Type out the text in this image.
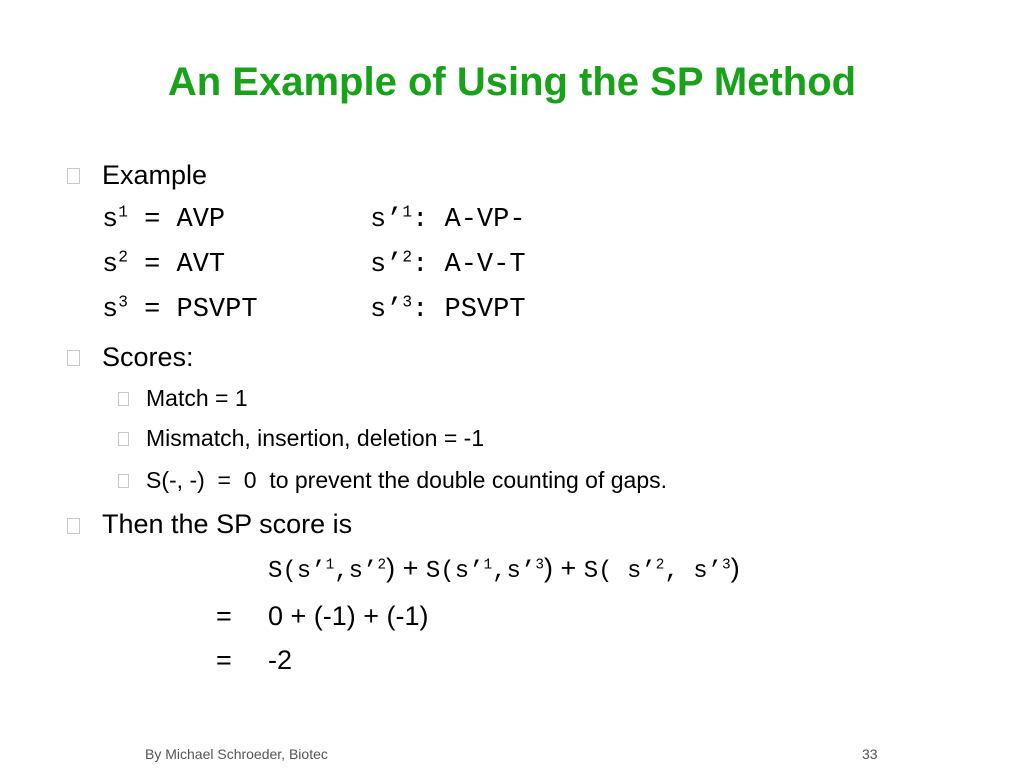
An Example of Using the SP Method
Example
$s^1$ = AVP	s’$^1$: A-VP-
$s^2$ = AVT	s’$^2$: A-V-T
$s^3$ = PSVPT	s’$^3$: PSVPT
Scores:
Match = 1
Mismatch, insertion, deletion = -1
S(-, -)  =  0  to prevent the double counting of gaps.
Then the SP score is
S(s’$^1$,s’$^2$) + S(s’$^1$,s’$^3$) + S( s’$^2$, s’$^3$)
= 0 + (-1) + (-1)
= -2
By Michael Schroeder, Biotec	33
